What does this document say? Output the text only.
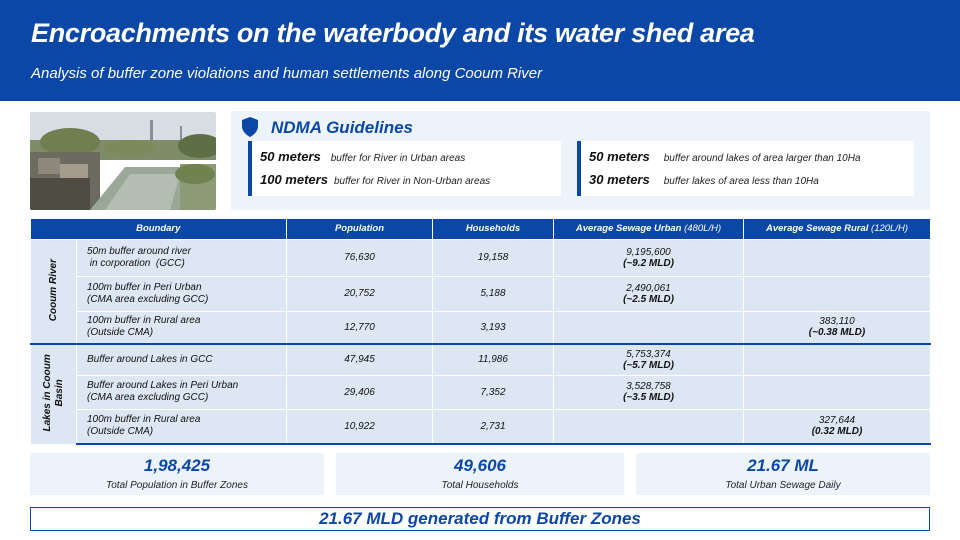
Encroachments on the waterbody and its water shed area
Analysis of buffer zone violations and human settlements along Cooum River
NDMA Guidelines
50 meters buffer for River in Urban areas
100 meters buffer for River in Non-Urban areas
50 meters buffer around lakes of area larger than 10Ha
30 meters buffer lakes of area less than 10Ha
Boundary		Population	Households	Average Sewage Urban (480L/H)	Average Sewage Rural (120L/H)
Cooum River	50m buffer around river
in corporation  (GCC)	76,630	19,158	9,195,600
(~9.2 MLD)	

	100m buffer in Peri Urban
(CMA area excluding GCC)	20,752	5,188	2,490,061
(~2.5 MLD)	

	100m buffer in Rural area
(Outside CMA)	12,770	3,193		383,110
(~0.38 MLD)

Lakes in Cooum Basin	Buffer around Lakes in GCC	47,945	11,986	5,753,374
(~5.7 MLD)	

	Buffer around Lakes in Peri Urban
(CMA area excluding GCC)	29,406	7,352	3,528,758
(~3.5 MLD)	

	100m buffer in Rural area
(Outside CMA)	10,922	2,731		327,644
(0.32 MLD)
1,98,425
Total Population in Buffer Zones
49,606
Total Households
21.67 ML
Total Urban Sewage Daily
21.67 MLD generated from Buffer Zones
